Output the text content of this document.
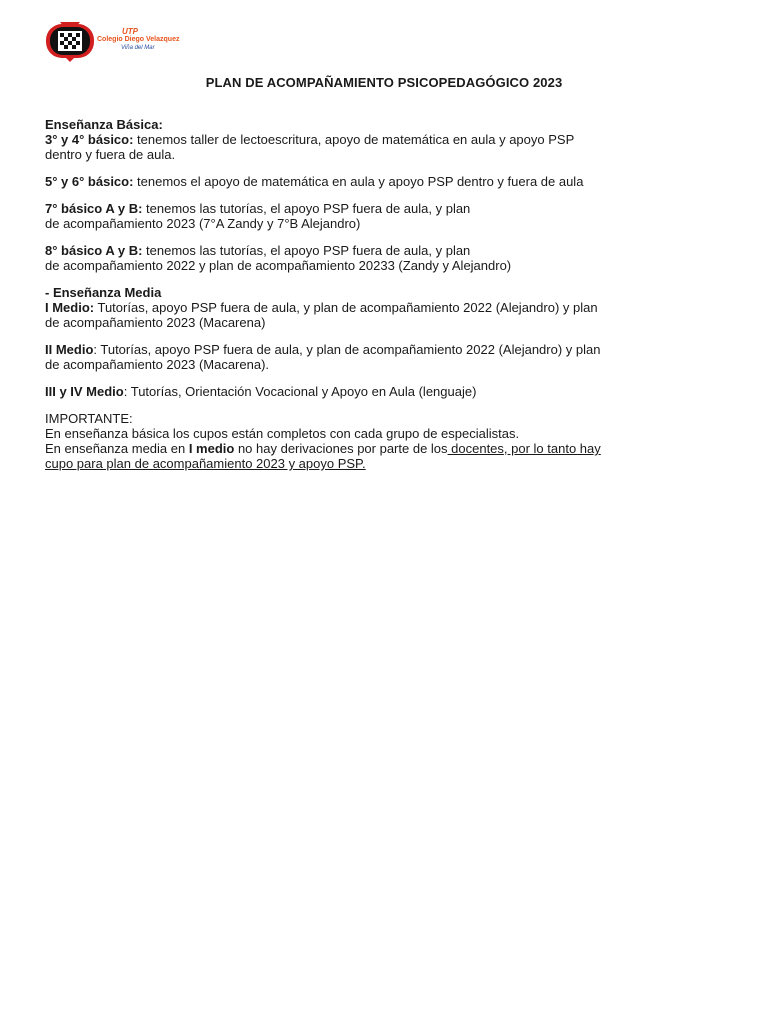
UTP
Colegio Diego Velazquez
Viña del Mar
PLAN DE ACOMPAÑAMIENTO PSICOPEDAGÓGICO 2023
Enseñanza Básica:
3° y 4° básico: tenemos taller de lectoescritura, apoyo de matemática en aula y apoyo PSP
dentro y fuera de aula.
5° y 6° básico: tenemos el apoyo de matemática en aula y apoyo PSP dentro y fuera de aula
7° básico A y B: tenemos las tutorías, el apoyo PSP fuera de aula, y plan
de acompañamiento 2023 (7°A Zandy y 7°B Alejandro)
8° básico A y B: tenemos las tutorías, el apoyo PSP fuera de aula, y plan
de acompañamiento 2022 y plan de acompañamiento 20233 (Zandy y Alejandro)
- Enseñanza Media
I Medio: Tutorías, apoyo PSP fuera de aula, y plan de acompañamiento 2022 (Alejandro) y plan
de acompañamiento 2023 (Macarena)
II Medio: Tutorías, apoyo PSP fuera de aula, y plan de acompañamiento 2022 (Alejandro) y plan
de acompañamiento 2023 (Macarena).
III y IV Medio: Tutorías, Orientación Vocacional y Apoyo en Aula (lenguaje)
IMPORTANTE:
En enseñanza básica los cupos están completos con cada grupo de especialistas.
En enseñanza media en I medio no hay derivaciones por parte de los docentes, por lo tanto hay
cupo para plan de acompañamiento 2023 y apoyo PSP.
